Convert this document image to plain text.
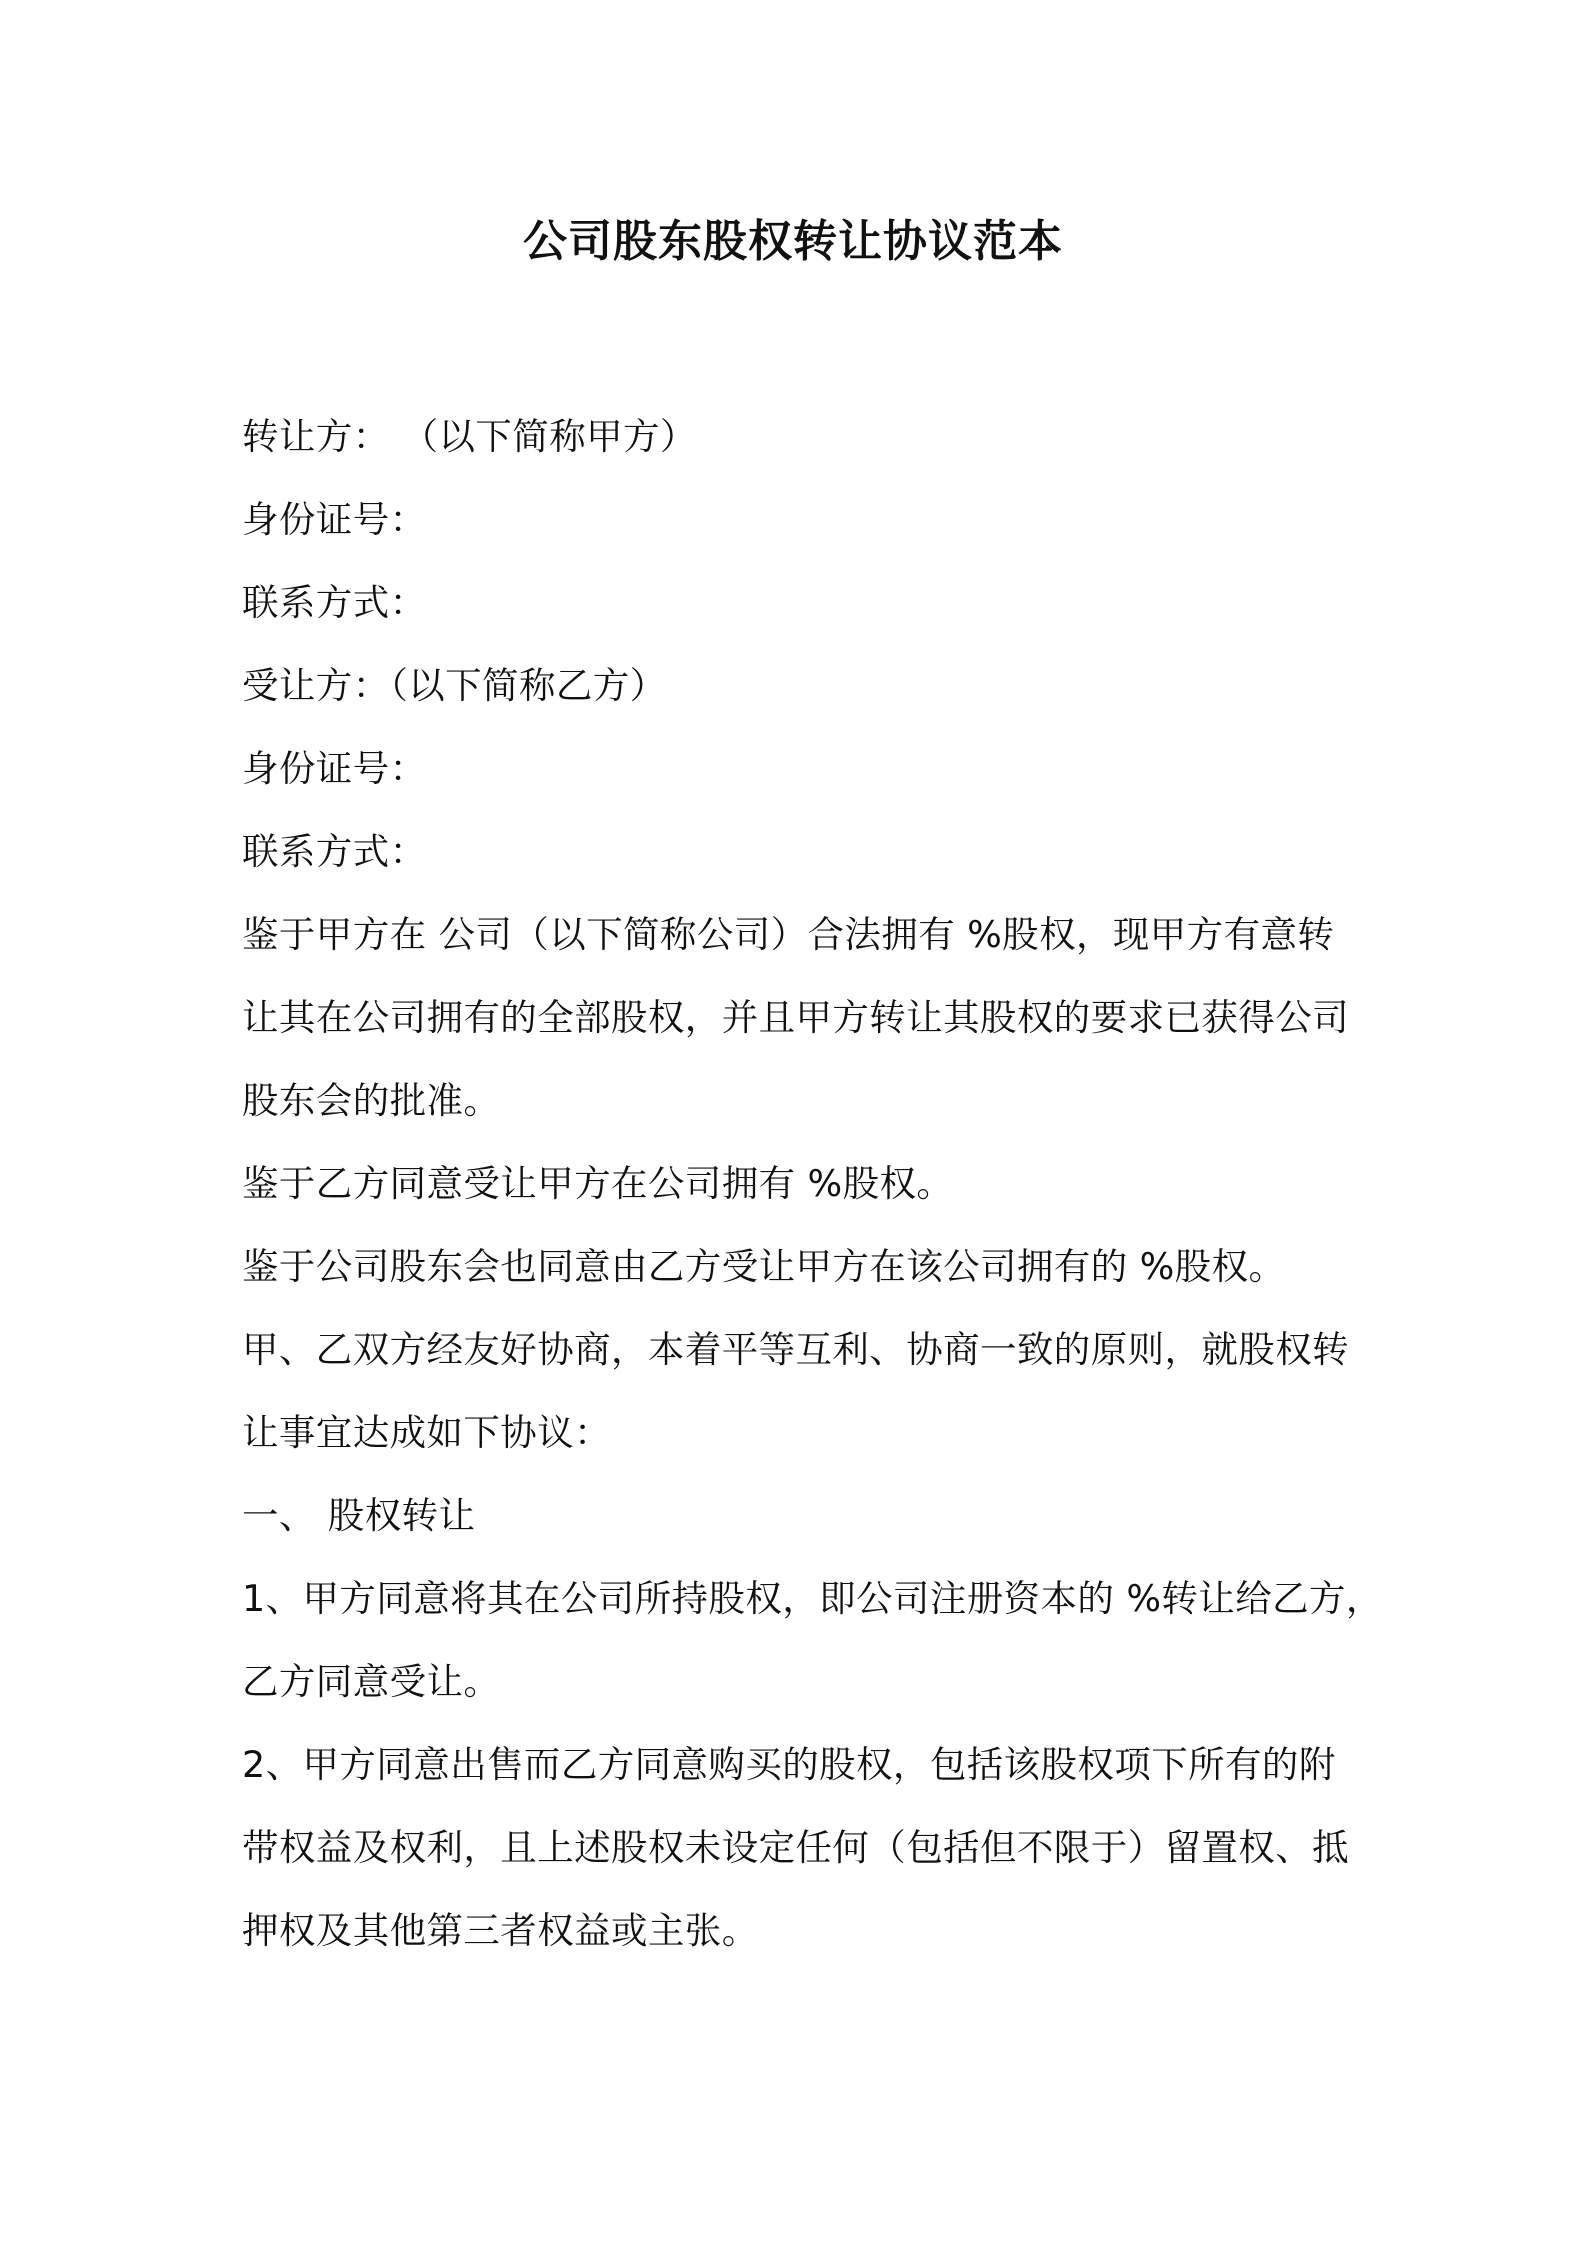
公司股东股权转让协议范本
转让方： （以下简称甲方）
身份证号：
联系方式：
受让方：（以下简称乙方）
身份证号：
联系方式：
鉴于甲方在 公司（以下简称公司）合法拥有 %股权，现甲方有意转
让其在公司拥有的全部股权，并且甲方转让其股权的要求已获得公司
股东会的批准。
鉴于乙方同意受让甲方在公司拥有 %股权。
鉴于公司股东会也同意由乙方受让甲方在该公司拥有的 %股权。
甲、乙双方经友好协商，本着平等互利、协商一致的原则，就股权转
让事宜达成如下协议：
一、 股权转让
1、甲方同意将其在公司所持股权，即公司注册资本的 %转让给乙方，
乙方同意受让。
2、甲方同意出售而乙方同意购买的股权，包括该股权项下所有的附
带权益及权利，且上述股权未设定任何（包括但不限于）留置权、抵
押权及其他第三者权益或主张。
